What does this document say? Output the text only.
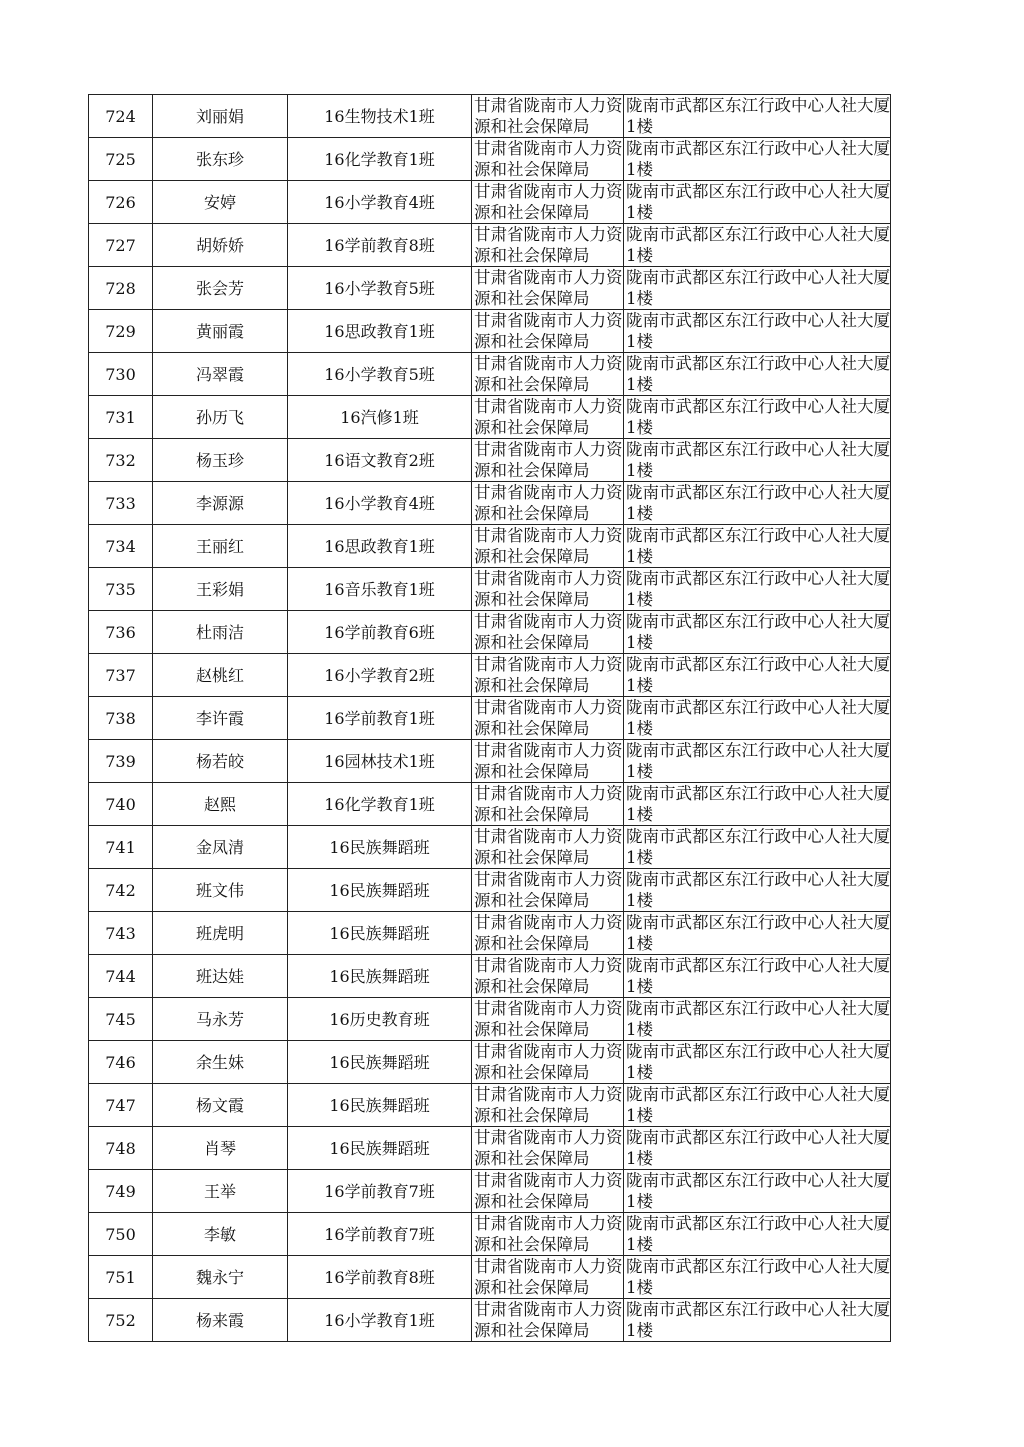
724	刘丽娟	16生物技术1班	甘肃省陇南市人力资源和社会保障局	陇南市武都区东江行政中心人社大厦1楼
725	张东珍	16化学教育1班	甘肃省陇南市人力资源和社会保障局	陇南市武都区东江行政中心人社大厦1楼
726	安婷	16小学教育4班	甘肃省陇南市人力资源和社会保障局	陇南市武都区东江行政中心人社大厦1楼
727	胡娇娇	16学前教育8班	甘肃省陇南市人力资源和社会保障局	陇南市武都区东江行政中心人社大厦1楼
728	张会芳	16小学教育5班	甘肃省陇南市人力资源和社会保障局	陇南市武都区东江行政中心人社大厦1楼
729	黄丽霞	16思政教育1班	甘肃省陇南市人力资源和社会保障局	陇南市武都区东江行政中心人社大厦1楼
730	冯翠霞	16小学教育5班	甘肃省陇南市人力资源和社会保障局	陇南市武都区东江行政中心人社大厦1楼
731	孙历飞	16汽修1班	甘肃省陇南市人力资源和社会保障局	陇南市武都区东江行政中心人社大厦1楼
732	杨玉珍	16语文教育2班	甘肃省陇南市人力资源和社会保障局	陇南市武都区东江行政中心人社大厦1楼
733	李源源	16小学教育4班	甘肃省陇南市人力资源和社会保障局	陇南市武都区东江行政中心人社大厦1楼
734	王丽红	16思政教育1班	甘肃省陇南市人力资源和社会保障局	陇南市武都区东江行政中心人社大厦1楼
735	王彩娟	16音乐教育1班	甘肃省陇南市人力资源和社会保障局	陇南市武都区东江行政中心人社大厦1楼
736	杜雨洁	16学前教育6班	甘肃省陇南市人力资源和社会保障局	陇南市武都区东江行政中心人社大厦1楼
737	赵桃红	16小学教育2班	甘肃省陇南市人力资源和社会保障局	陇南市武都区东江行政中心人社大厦1楼
738	李许霞	16学前教育1班	甘肃省陇南市人力资源和社会保障局	陇南市武都区东江行政中心人社大厦1楼
739	杨若皎	16园林技术1班	甘肃省陇南市人力资源和社会保障局	陇南市武都区东江行政中心人社大厦1楼
740	赵熙	16化学教育1班	甘肃省陇南市人力资源和社会保障局	陇南市武都区东江行政中心人社大厦1楼
741	金凤清	16民族舞蹈班	甘肃省陇南市人力资源和社会保障局	陇南市武都区东江行政中心人社大厦1楼
742	班文伟	16民族舞蹈班	甘肃省陇南市人力资源和社会保障局	陇南市武都区东江行政中心人社大厦1楼
743	班虎明	16民族舞蹈班	甘肃省陇南市人力资源和社会保障局	陇南市武都区东江行政中心人社大厦1楼
744	班达娃	16民族舞蹈班	甘肃省陇南市人力资源和社会保障局	陇南市武都区东江行政中心人社大厦1楼
745	马永芳	16历史教育班	甘肃省陇南市人力资源和社会保障局	陇南市武都区东江行政中心人社大厦1楼
746	余生妹	16民族舞蹈班	甘肃省陇南市人力资源和社会保障局	陇南市武都区东江行政中心人社大厦1楼
747	杨文霞	16民族舞蹈班	甘肃省陇南市人力资源和社会保障局	陇南市武都区东江行政中心人社大厦1楼
748	肖琴	16民族舞蹈班	甘肃省陇南市人力资源和社会保障局	陇南市武都区东江行政中心人社大厦1楼
749	王举	16学前教育7班	甘肃省陇南市人力资源和社会保障局	陇南市武都区东江行政中心人社大厦1楼
750	李敏	16学前教育7班	甘肃省陇南市人力资源和社会保障局	陇南市武都区东江行政中心人社大厦1楼
751	魏永宁	16学前教育8班	甘肃省陇南市人力资源和社会保障局	陇南市武都区东江行政中心人社大厦1楼
752	杨来霞	16小学教育1班	甘肃省陇南市人力资源和社会保障局	陇南市武都区东江行政中心人社大厦1楼
